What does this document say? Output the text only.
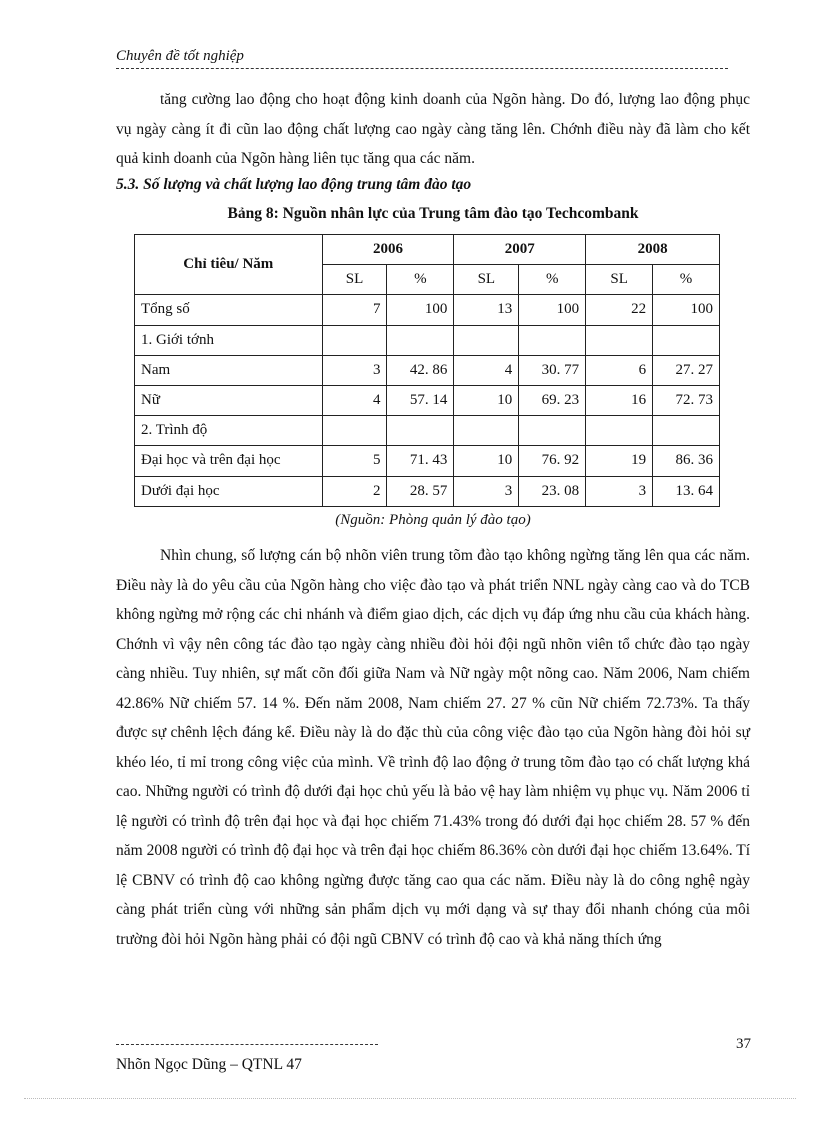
Chuyên đề tốt nghiệp

tăng cường lao động cho hoạt động kinh doanh của Ngõn hàng. Do đó, lượng lao động phục vụ ngày càng ít đi cũn lao động chất lượng cao ngày càng tăng lên. Chớnh điều này đã làm cho kết quả kinh doanh của Ngõn hàng liên tục tăng qua các năm.

5.3. Số lượng và chất lượng lao động trung tâm đào tạo
Bảng 8: Nguồn nhân lực của Trung tâm đào tạo Techcombank
Chỉ tiêu/ Năm	2006		2007		2008	
	SL	%	SL	%	SL	%
Tổng số	7	100	13	100	22	100
1. Giới tớnh						
Nam	3	42. 86	4	30. 77	6	27. 27
Nữ	4	57. 14	10	69. 23	16	72. 73
2. Trình độ						
Đại học và trên đại học	5	71. 43	10	76. 92	19	86. 36
Dưới đại học	2	28. 57	3	23. 08	3	13. 64
(Nguồn: Phòng quản lý đào tạo)

Nhìn chung, số lượng cán bộ nhõn viên trung tõm đào tạo không ngừng tăng lên qua các năm. Điều này là do yêu cầu của Ngõn hàng cho việc đào tạo và phát triển NNL ngày càng cao và do TCB không ngừng mở rộng các chi nhánh và điểm giao dịch, các dịch vụ đáp ứng nhu cầu của khách hàng. Chớnh vì vậy nên công tác đào tạo ngày càng nhiều đòi hỏi đội ngũ nhõn viên tổ chức đào tạo ngày càng nhiều. Tuy nhiên, sự mất cõn đối giữa Nam và Nữ ngày một nõng cao. Năm 2006, Nam chiếm 42.86% Nữ chiếm 57. 14 %. Đến năm 2008, Nam chiếm 27. 27 % cũn Nữ chiếm 72.73%. Ta thấy được sự chênh lệch đáng kể. Điều này là do đặc thù của công việc đào tạo của Ngõn hàng đòi hỏi sự khéo léo, tỉ mỉ trong công việc của mình. Về trình độ lao động ở trung tõm đào tạo có chất lượng khá cao. Những người có trình độ dưới đại học chủ yếu là bảo vệ hay làm nhiệm vụ phục vụ. Năm 2006 tỉ lệ người có trình độ trên đại học và đại học chiếm 71.43% trong đó dưới đại học chiếm 28. 57 % đến năm 2008 người có trình độ đại học và trên đại học chiếm 86.36% còn dưới đại học chiếm 13.64%. Tí lệ CBNV có trình độ cao không ngừng được tăng cao qua các năm. Điều này là do công nghệ ngày càng phát triển cùng với những sản phẩm dịch vụ mới dạng và sự thay đổi nhanh chóng của môi trường đòi hỏi Ngõn hàng phải có đội ngũ CBNV có trình độ cao và khả năng thích ứng

37
Nhõn Ngọc Dũng – QTNL 47
